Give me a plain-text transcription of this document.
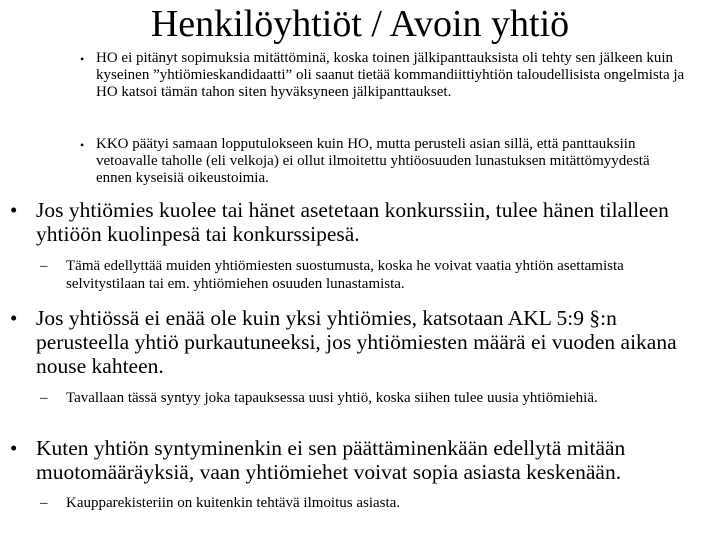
• HO ei pitänyt sopimuksia mitättöminä, koska toinen jälkipanttauksista oli tehty sen jälkeen kuin kyseinen ”yhtiömieskandidaatti” oli saanut tietää kommandiittiyhtiön taloudellisista ongelmista ja HO katsoi tämän tahon siten hyväksyneen jälkipanttaukset.
• KKO päätyi samaan lopputulokseen kuin HO, mutta perusteli asian sillä, että panttauksiin vetoavalle taholle (eli velkoja) ei ollut ilmoitettu yhtiöosuuden lunastuksen mitättömyydestä ennen kyseisiä oikeustoimia.
Henkilöyhtiöt / Avoin yhtiö
• Jos yhtiömies kuolee tai hänet asetetaan konkurssiin, tulee hänen tilalleen yhtiöön kuolinpesä tai konkurssipesä.
– Tämä edellyttää muiden yhtiömiesten suostumusta, koska he voivat vaatia yhtiön asettamista selvitystilaan tai em. yhtiömiehen osuuden lunastamista.
• Jos yhtiössä ei enää ole kuin yksi yhtiömies, katsotaan AKL 5:9 §:n perusteella yhtiö purkautuneeksi, jos yhtiömiesten määrä ei vuoden aikana nouse kahteen.
– Tavallaan tässä syntyy joka tapauksessa uusi yhtiö, koska siihen tulee uusia yhtiömiehiä.
• Kuten yhtiön syntyminenkin ei sen päättäminenkään edellytä mitään muotomääräyksiä, vaan yhtiömiehet voivat sopia asiasta keskenään.
– Kaupparekisteriin on kuitenkin tehtävä ilmoitus asiasta.
